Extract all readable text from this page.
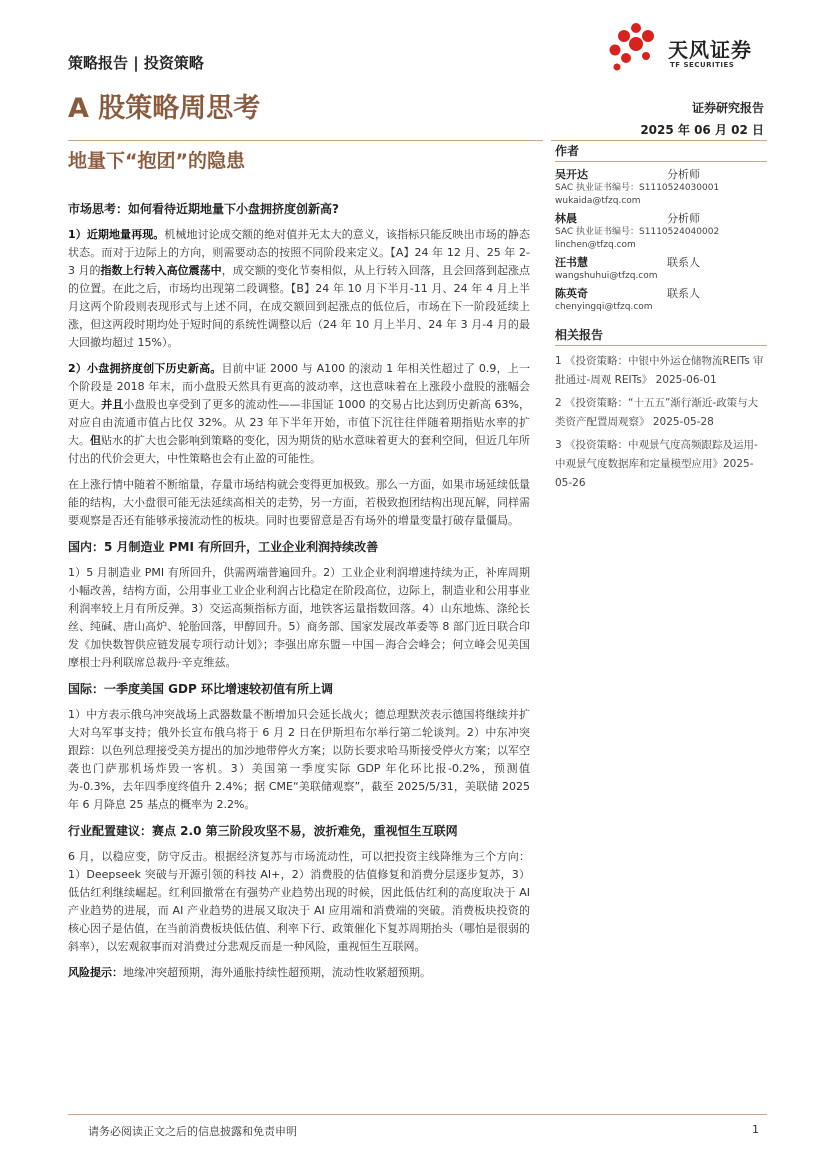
策略报告 | 投资策略
天风证券
TF SECURITIES
A 股策略周思考	证券研究报告
2025 年 06 月 02 日
地量下“抱团”的隐患
市场思考：如何看待近期地量下小盘拥挤度创新高?

1）近期地量再现。机械地讨论成交额的绝对值并无太大的意义，该指标只能反映出市场的静态状态。而对于边际上的方向，则需要动态的按照不同阶段来定义。【A】24 年 12 月、25 年 2-3 月的指数上行转入高位震荡中，成交额的变化节奏相似，从上行转入回落，且会回落到起涨点的位置。在此之后，市场均出现第二段调整。【B】24 年 10 月下半月-11 月、24 年 4 月上半月这两个阶段则表现形式与上述不同，在成交额回到起涨点的低位后，市场在下一阶段延续上涨，但这两段时期均处于短时间的系统性调整以后（24 年 10 月上半月、24 年 3 月-4 月的最大回撤均超过 15%）。

2）小盘拥挤度创下历史新高。目前中证 2000 与 A100 的滚动 1 年相关性超过了 0.9，上一个阶段是 2018 年末，而小盘股天然具有更高的波动率，这也意味着在上涨段小盘股的涨幅会更大。并且小盘股也享受到了更多的流动性——非国证 1000 的交易占比达到历史新高 63%，对应自由流通市值占比仅 32%。从 23 年下半年开始，市值下沉往往伴随着期指贴水率的扩大。但贴水的扩大也会影响到策略的变化，因为期货的贴水意味着更大的套利空间，但近几年所付出的代价会更大，中性策略也会有止盈的可能性。

在上涨行情中随着不断缩量，存量市场结构就会变得更加极致。那么一方面，如果市场延续低量能的结构，大小盘很可能无法延续高相关的走势，另一方面，若极致抱团结构出现瓦解，同样需要观察是否还有能够承接流动性的板块。同时也要留意是否有场外的增量变量打破存量僵局。

国内：5 月制造业 PMI 有所回升，工业企业利润持续改善

1）5 月制造业 PMI 有所回升，供需两端普遍回升。2）工业企业利润增速持续为正，补库周期小幅改善，结构方面，公用事业工业企业利润占比稳定在阶段高位，边际上，制造业和公用事业利润率较上月有所反弹。3）交运高频指标方面，地铁客运量指数回落。4）山东地炼、涤纶长丝、纯碱、唐山高炉、轮胎回落，甲醇回升。5）商务部、国家发展改革委等 8 部门近日联合印发《加快数智供应链发展专项行动计划》；李强出席东盟－中国－海合会峰会；何立峰会见美国摩根士丹利联席总裁丹·辛克维兹。

国际：一季度美国 GDP 环比增速较初值有所上调

1）中方表示俄乌冲突战场上武器数量不断增加只会延长战火；德总理默茨表示德国将继续并扩大对乌军事支持；俄外长宣布俄乌将于 6 月 2 日在伊斯坦布尔举行第二轮谈判。2）中东冲突跟踪：以色列总理接受美方提出的加沙地带停火方案；以防长要求哈马斯接受停火方案；以军空袭也门萨那机场炸毁一客机。3）美国第一季度实际 GDP 年化环比报-0.2%，预测值为-0.3%，去年四季度终值升 2.4%；据 CME“美联储观察”，截至 2025/5/31，美联储 2025 年 6 月降息 25 基点的概率为 2.2%。

行业配置建议：赛点 2.0 第三阶段攻坚不易，波折难免，重视恒生互联网

6 月，以稳应变，防守反击。根据经济复苏与市场流动性，可以把投资主线降维为三个方向：1）Deepseek 突破与开源引领的科技 AI+，2）消费股的估值修复和消费分层逐步复苏，3）低估红利继续崛起。红利回撤常在有强势产业趋势出现的时候，因此低估红利的高度取决于 AI 产业趋势的进展，而 AI 产业趋势的进展又取决于 AI 应用端和消费端的突破。消费板块投资的核心因子是估值，在当前消费板块低估值、利率下行、政策催化下复苏周期抬头（哪怕是很弱的斜率），以宏观叙事而对消费过分悲观反而是一种风险，重视恒生互联网。

风险提示：地缘冲突超预期，海外通胀持续性超预期，流动性收紧超预期。

作者
吴开达	分析师
SAC 执业证书编号：S1110524030001
wukaida@tfzq.com
林晨	分析师
SAC 执业证书编号：S1110524040002
linchen@tfzq.com
汪书慧	联系人
wangshuhui@tfzq.com
陈英奇	联系人
chenyingqi@tfzq.com
相关报告
1 《投资策略：中银中外运仓储物流REITs 审批通过-周观 REITs》 2025-06-01
2 《投资策略：“十五五”渐行渐近-政策与大类资产配置周观察》 2025-05-28
3 《投资策略：中观景气度高频跟踪及运用-中观景气度数据库和定量模型应用》2025-05-26
请务必阅读正文之后的信息披露和免责申明	1
